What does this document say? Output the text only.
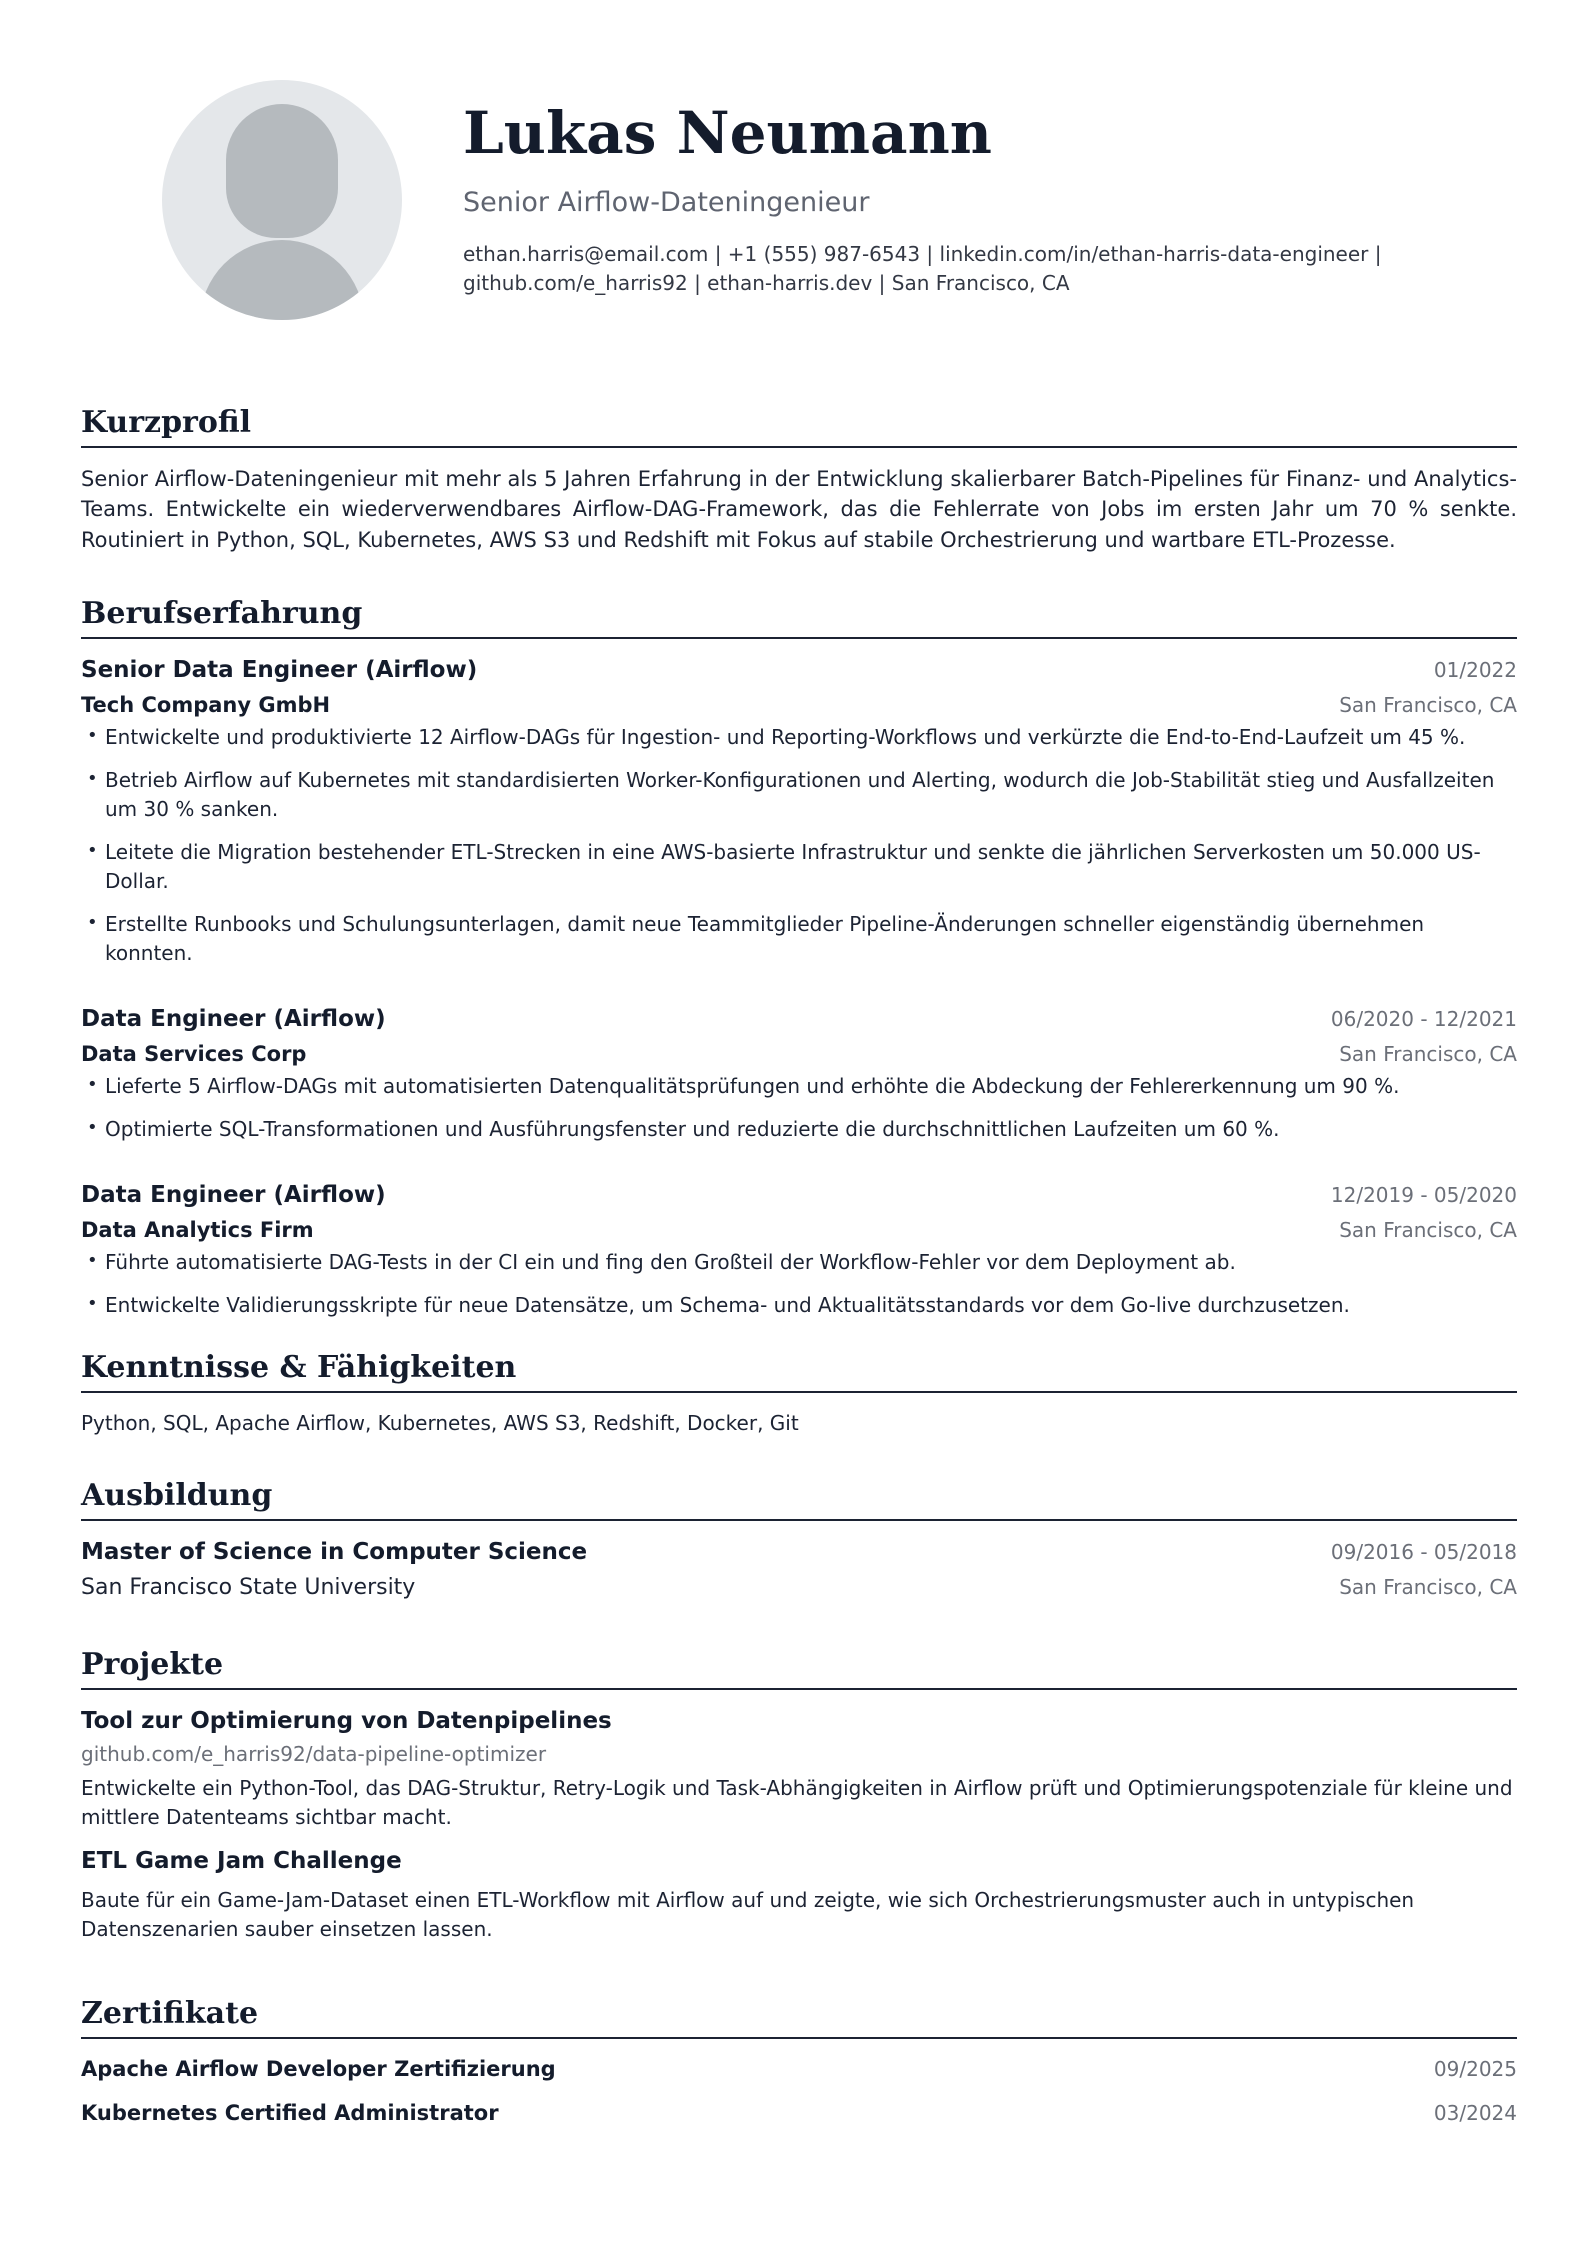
Lukas Neumann
Senior Airflow-Dateningenieur
ethan.harris@email.com | +1 (555) 987-6543 | linkedin.com/in/ethan-harris-data-engineer | github.com/e_harris92 | ethan-harris.dev | San Francisco, CA
Kurzprofil
Senior Airflow-Dateningenieur mit mehr als 5 Jahren Erfahrung in der Entwicklung skalierbarer Batch-Pipelines für Finanz- und Analytics-Teams. Entwickelte ein wiederverwendbares Airflow-DAG-Framework, das die Fehlerrate von Jobs im ersten Jahr um 70 % senkte. Routiniert in Python, SQL, Kubernetes, AWS S3 und Redshift mit Fokus auf stabile Orchestrierung und wartbare ETL-Prozesse.
Berufserfahrung
Senior Data Engineer (Airflow)	01/2022
Tech Company GmbH	San Francisco, CA
• Entwickelte und produktivierte 12 Airflow-DAGs für Ingestion- und Reporting-Workflows und verkürzte die End-to-End-Laufzeit um 45 %.
• Betrieb Airflow auf Kubernetes mit standardisierten Worker-Konfigurationen und Alerting, wodurch die Job-Stabilität stieg und Ausfallzeiten um 30 % sanken.
• Leitete die Migration bestehender ETL-Strecken in eine AWS-basierte Infrastruktur und senkte die jährlichen Serverkosten um 50.000 US-Dollar.
• Erstellte Runbooks und Schulungsunterlagen, damit neue Teammitglieder Pipeline-Änderungen schneller eigenständig übernehmen konnten.
Data Engineer (Airflow)	06/2020 - 12/2021
Data Services Corp	San Francisco, CA
• Lieferte 5 Airflow-DAGs mit automatisierten Datenqualitätsprüfungen und erhöhte die Abdeckung der Fehlererkennung um 90 %.
• Optimierte SQL-Transformationen und Ausführungsfenster und reduzierte die durchschnittlichen Laufzeiten um 60 %.
Data Engineer (Airflow)	12/2019 - 05/2020
Data Analytics Firm	San Francisco, CA
• Führte automatisierte DAG-Tests in der CI ein und fing den Großteil der Workflow-Fehler vor dem Deployment ab.
• Entwickelte Validierungsskripte für neue Datensätze, um Schema- und Aktualitätsstandards vor dem Go-live durchzusetzen.
Kenntnisse & Fähigkeiten
Python, SQL, Apache Airflow, Kubernetes, AWS S3, Redshift, Docker, Git
Ausbildung
Master of Science in Computer Science	09/2016 - 05/2018
San Francisco State University	San Francisco, CA
Projekte
Tool zur Optimierung von Datenpipelines
github.com/e_harris92/data-pipeline-optimizer
Entwickelte ein Python-Tool, das DAG-Struktur, Retry-Logik und Task-Abhängigkeiten in Airflow prüft und Optimierungspotenziale für kleine und mittlere Datenteams sichtbar macht.
ETL Game Jam Challenge
Baute für ein Game-Jam-Dataset einen ETL-Workflow mit Airflow auf und zeigte, wie sich Orchestrierungsmuster auch in untypischen Datenszenarien sauber einsetzen lassen.
Zertifikate
Apache Airflow Developer Zertifizierung	09/2025
Kubernetes Certified Administrator	03/2024
